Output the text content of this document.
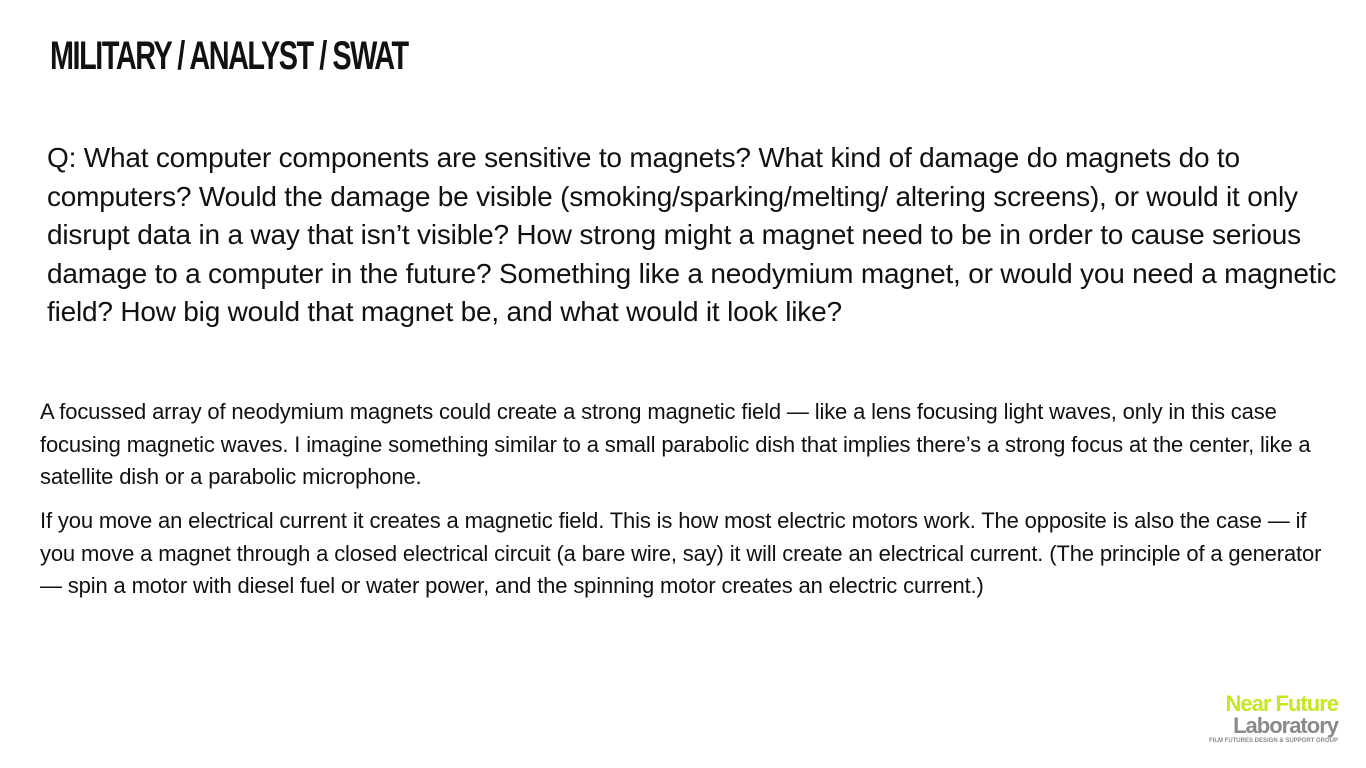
MILITARY / ANALYST / SWAT

Q: What computer components are sensitive to magnets? What kind of damage do magnets do to computers? Would the damage be visible (smoking/sparking/melting/ altering screens), or would it only disrupt data in a way that isn’t visible? How strong might a magnet need to be in order to cause serious damage to a computer in the future? Something like a neodymium magnet, or would you need a magnetic field? How big would that magnet be, and what would it look like?

A focussed array of neodymium magnets could create a strong magnetic field — like a lens focusing light waves, only in this case focusing magnetic waves. I imagine something similar to a small parabolic dish that implies there’s a strong focus at the center, like a satellite dish or a parabolic microphone.

If you move an electrical current it creates a magnetic field. This is how most electric motors work. The opposite is also the case — if you move a magnet through a closed electrical circuit (a bare wire, say) it will create an electrical current. (The principle of a generator — spin a motor with diesel fuel or water power, and the spinning motor creates an electric current.)

Near Future
Laboratory
FILM FUTURES DESIGN & SUPPORT GROUP
